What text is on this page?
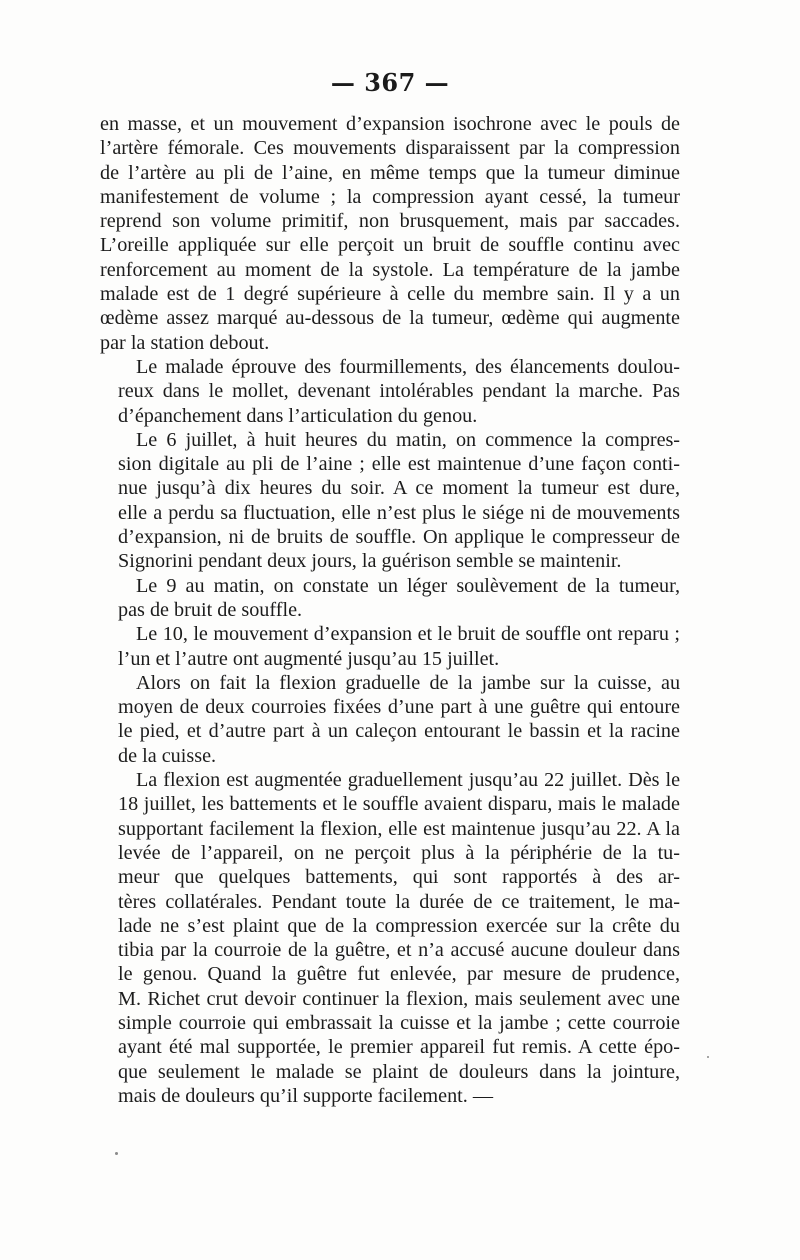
— 367 —
en masse, et un mouvement d’expansion isochrone avec le pouls de
l’artère fémorale. Ces mouvements disparaissent par la compression
de l’artère au pli de l’aine, en même temps que la tumeur diminue
manifestement de volume ; la compression ayant cessé, la tumeur
reprend son volume primitif, non brusquement, mais par saccades.
L’oreille appliquée sur elle perçoit un bruit de souffle continu avec
renforcement au moment de la systole. La température de la jambe
malade est de 1 degré supérieure à celle du membre sain. Il y a un
œdème assez marqué au-dessous de la tumeur, œdème qui augmente
par la station debout.
Le malade éprouve des fourmillements, des élancements doulou-
reux dans le mollet, devenant intolérables pendant la marche. Pas
d’épanchement dans l’articulation du genou.
Le 6 juillet, à huit heures du matin, on commence la compres-
sion digitale au pli de l’aine ; elle est maintenue d’une façon conti-
nue jusqu’à dix heures du soir. A ce moment la tumeur est dure,
elle a perdu sa fluctuation, elle n’est plus le siége ni de mouvements
d’expansion, ni de bruits de souffle. On applique le compresseur de
Signorini pendant deux jours, la guérison semble se maintenir.
Le 9 au matin, on constate un léger soulèvement de la tumeur,
pas de bruit de souffle.
Le 10, le mouvement d’expansion et le bruit de souffle ont reparu ;
l’un et l’autre ont augmenté jusqu’au 15 juillet.
Alors on fait la flexion graduelle de la jambe sur la cuisse, au
moyen de deux courroies fixées d’une part à une guêtre qui entoure
le pied, et d’autre part à un caleçon entourant le bassin et la racine
de la cuisse.
La flexion est augmentée graduellement jusqu’au 22 juillet. Dès le
18 juillet, les battements et le souffle avaient disparu, mais le malade
supportant facilement la flexion, elle est maintenue jusqu’au 22. A la
levée de l’appareil, on ne perçoit plus à la périphérie de la tu-
meur que quelques battements, qui sont rapportés à des ar-
tères collatérales. Pendant toute la durée de ce traitement, le ma-
lade ne s’est plaint que de la compression exercée sur la crête du
tibia par la courroie de la guêtre, et n’a accusé aucune douleur dans
le genou. Quand la guêtre fut enlevée, par mesure de prudence,
M. Richet crut devoir continuer la flexion, mais seulement avec une
simple courroie qui embrassait la cuisse et la jambe ; cette courroie
ayant été mal supportée, le premier appareil fut remis. A cette épo-
que seulement le malade se plaint de douleurs dans la jointure,
mais de douleurs qu’il supporte facilement. —
